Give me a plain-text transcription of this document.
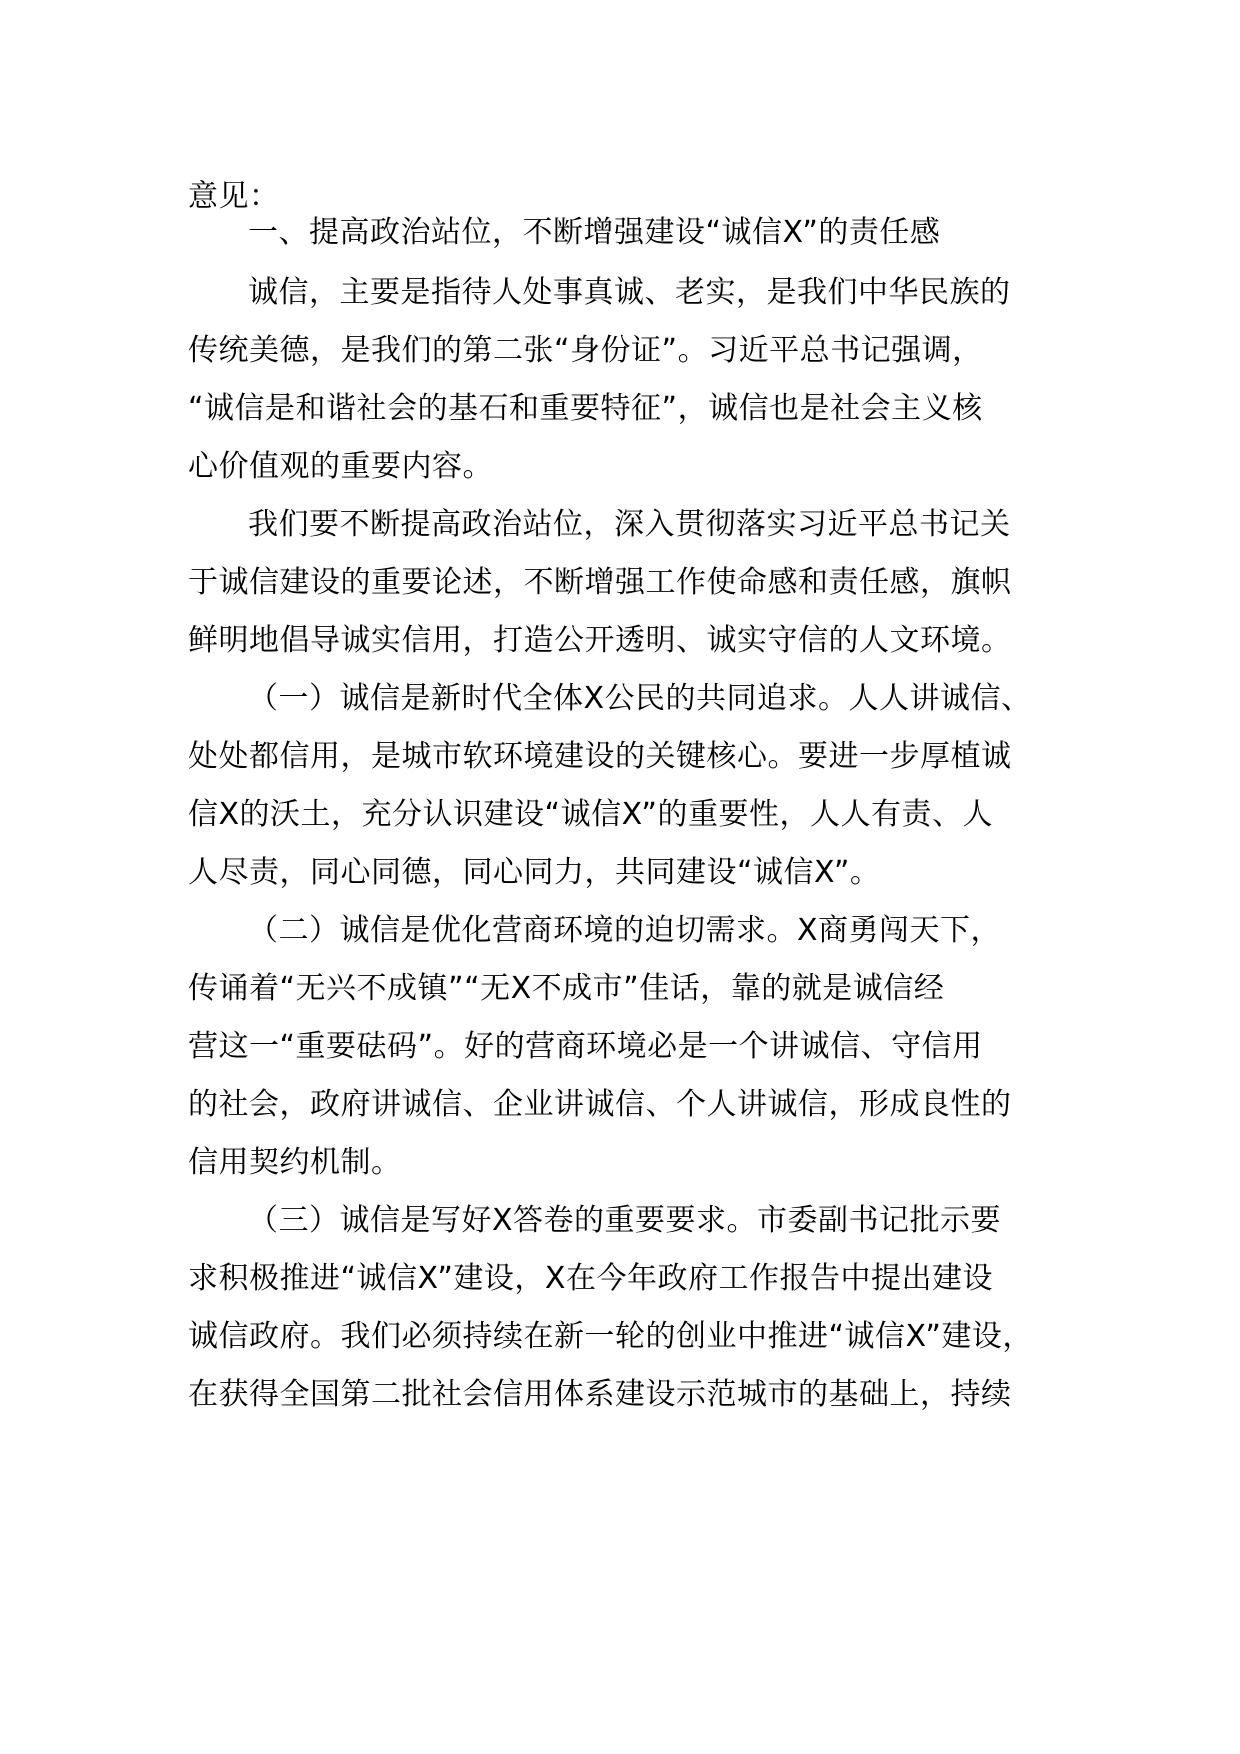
意见：
一、提高政治站位，不断增强建设“诚信X”的责任感
诚信，主要是指待人处事真诚、老实，是我们中华民族的
传统美德，是我们的第二张“身份证”。习近平总书记强调，
“诚信是和谐社会的基石和重要特征”，诚信也是社会主义核
心价值观的重要内容。
我们要不断提高政治站位，深入贯彻落实习近平总书记关
于诚信建设的重要论述，不断增强工作使命感和责任感，旗帜
鲜明地倡导诚实信用，打造公开透明、诚实守信的人文环境。
（一）诚信是新时代全体X公民的共同追求。人人讲诚信、
处处都信用，是城市软环境建设的关键核心。要进一步厚植诚
信X的沃土，充分认识建设“诚信X”的重要性，人人有责、人
人尽责，同心同德，同心同力，共同建设“诚信X”。
（二）诚信是优化营商环境的迫切需求。X商勇闯天下，
传诵着“无兴不成镇”“无X不成市”佳话，靠的就是诚信经
营这一“重要砝码”。好的营商环境必是一个讲诚信、守信用
的社会，政府讲诚信、企业讲诚信、个人讲诚信，形成良性的
信用契约机制。
（三）诚信是写好X答卷的重要要求。市委副书记批示要
求积极推进“诚信X”建设，X在今年政府工作报告中提出建设
诚信政府。我们必须持续在新一轮的创业中推进“诚信X”建设，
在获得全国第二批社会信用体系建设示范城市的基础上，持续
